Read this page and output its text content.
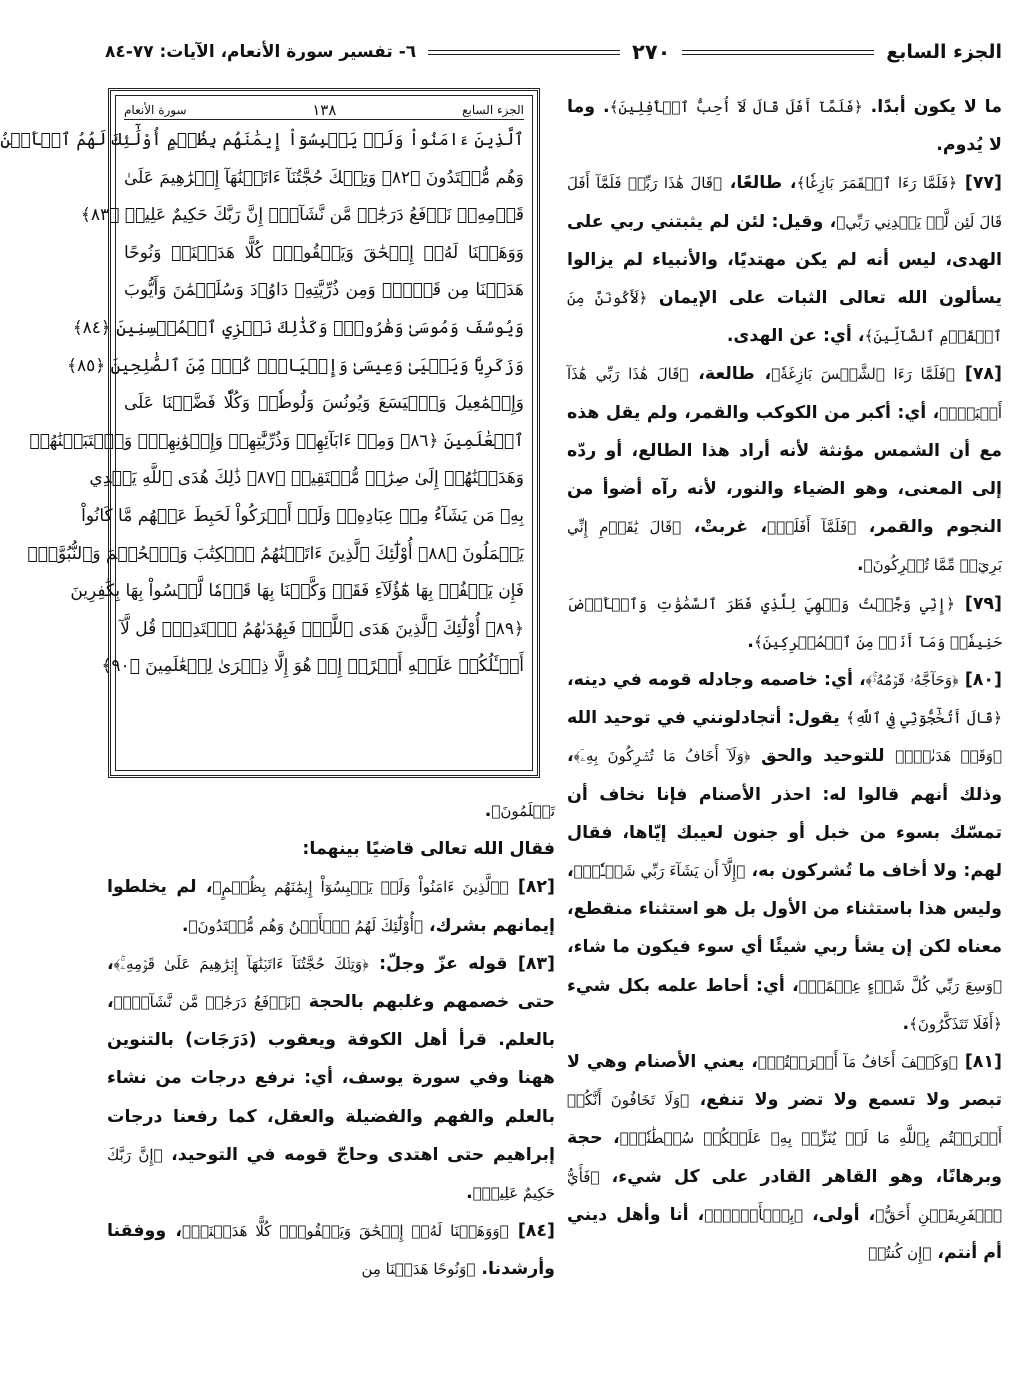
الجزء السابع
٢٧٠
٦- تفسير سورة الأنعام، الآيات: ٧٧-٨٤

ما لا يكون أبدًا. ﴿فَلَمَّآ أَفَلَ قَالَ لَآ أُحِبُّ ٱلۡأٓفِلِينَ﴾. وما لا يُدوم.

[٧٧] ﴿فَلَمَّا رَءَا ٱلۡقَمَرَ بَازِغٗا﴾، طالعًا، ﴿قَالَ هَٰذَا رَبِّيۖ فَلَمَّآ أَفَلَ قَالَ لَئِن لَّمۡ يَهۡدِنِي رَبِّي﴾، وقيل: لئن لم يثبتني ربي على الهدى، ليس أنه لم يكن مهتديًا، والأنبياء لم يزالوا يسألون الله تعالى الثبات على الإيمان ﴿لَأَكُونَنَّ مِنَ ٱلۡقَوۡمِ ٱلضَّآلِّينَ﴾، أي: عن الهدى.

[٧٨] ﴿فَلَمَّا رَءَا ٱلشَّمۡسَ بَازِغَةٗ﴾، طالعة، ﴿قَالَ هَٰذَا رَبِّي هَٰذَآ أَكۡبَرُۖ﴾، أي: أكبر من الكوكب والقمر، ولم يقل هذه مع أن الشمس مؤنثة لأنه أراد هذا الطالع، أو ردّه إلى المعنى، وهو الضياء والنور، لأنه رآه أضوأ من النجوم والقمر، ﴿فَلَمَّآ أَفَلَتۡ﴾، غربتْ، ﴿قَالَ يَٰقَوۡمِ إِنِّي بَرِيٓءٞ مِّمَّا تُشۡرِكُونَ﴾.

[٧٩] ﴿إِنِّي وَجَّهۡتُ وَجۡهِيَ لِلَّذِي فَطَرَ ٱلسَّمَٰوَٰتِ وَٱلۡأَرۡضَ حَنِيفٗاۖ وَمَآ أَنَا۠ مِنَ ٱلۡمُشۡرِكِينَ﴾.

[٨٠] ﴿وَحَآجَّهُۥ قَوۡمُهُۥۚ﴾، أي: خاصمه وجادله قومه في دينه، ﴿قَالَ أَتُحَٰٓجُّوٓنِّي فِي ٱللَّهِ﴾ يقول: أتجادلونني في توحيد الله ﴿وَقَدۡ هَدَىٰنِۚ﴾ للتوحيد والحق ﴿وَلَآ أَخَافُ مَا تُشۡرِكُونَ بِهِۦٓ﴾، وذلك أنهم قالوا له: احذر الأصنام فإنا نخاف أن تمسّك بسوء من خبل أو جنون لعيبك إيّاها، فقال لهم: ولا أخاف ما تُشركون به، ﴿إِلَّآ أَن يَشَآءَ رَبِّي شَيۡـٔٗاۚ﴾، وليس هذا باستثناء من الأول بل هو استثناء منقطع، معناه لكن إن يشأ ربي شيئًا أي سوء فيكون ما شاء، ﴿وَسِعَ رَبِّي كُلَّ شَيۡءٍ عِلۡمًاۚ﴾، أي: أحاط علمه بكل شيء ﴿أَفَلَا تَتَذَكَّرُونَ﴾.

[٨١] ﴿وَكَيۡفَ أَخَافُ مَآ أَشۡرَكۡتُمۡ﴾، يعني الأصنام وهي لا تبصر ولا تسمع ولا تضر ولا تنفع، ﴿وَلَا تَخَافُونَ أَنَّكُمۡ أَشۡرَكۡتُم بِٱللَّهِ مَا لَمۡ يُنَزِّلۡ بِهِۦ عَلَيۡكُمۡ سُلۡطَٰنٗاۚ﴾، حجة وبرهانًا، وهو القاهر القادر على كل شيء، ﴿فَأَيُّ ٱلۡفَرِيقَيۡنِ أَحَقُّ﴾، أولى، ﴿بِٱلۡأَمۡنِۖ﴾، أنا وأهل ديني أم أنتم، ﴿إِن كُنتُمۡ

الجزء السابع
١٣٨
سورة الأنعام
ٱلَّذِينَ ءَامَنُواْ وَلَمۡ يَلۡبِسُوٓاْ إِيمَٰنَهُم بِظُلۡمٍ أُوْلَٰٓئِكَ لَهُمُ ٱلۡأَمۡنُ
وَهُم مُّهۡتَدُونَ ﴿٨٢﴾ وَتِلۡكَ حُجَّتُنَآ ءَاتَيۡنَٰهَآ إِبۡرَٰهِيمَ عَلَىٰ
قَوۡمِهِۦۚ نَرۡفَعُ دَرَجَٰتٖ مَّن نَّشَآءُۗ إِنَّ رَبَّكَ حَكِيمٌ عَلِيمٞ ﴿٨٣﴾
وَوَهَبۡنَا لَهُۥٓ إِسۡحَٰقَ وَيَعۡقُوبَۚ كُلًّا هَدَيۡنَاۚ وَنُوحًا
هَدَيۡنَا مِن قَبۡلُۖ وَمِن ذُرِّيَّتِهِۦ دَاوُۥدَ وَسُلَيۡمَٰنَ وَأَيُّوبَ
وَيُوسُفَ وَمُوسَىٰ وَهَٰرُونَۚ وَكَذَٰلِكَ نَجۡزِي ٱلۡمُحۡسِنِينَ ﴿٨٤﴾
وَزَكَرِيَّا وَيَحۡيَىٰ وَعِيسَىٰ وَإِلۡيَاسَۖ كُلّٞ مِّنَ ٱلصَّٰلِحِينَ ﴿٨٥﴾
وَإِسۡمَٰعِيلَ وَٱلۡيَسَعَ وَيُونُسَ وَلُوطٗاۚ وَكُلّٗا فَضَّلۡنَا عَلَى
ٱلۡعَٰلَمِينَ ﴿٨٦﴾ وَمِنۡ ءَابَآئِهِمۡ وَذُرِّيَّٰتِهِمۡ وَإِخۡوَٰنِهِمۡۖ وَٱجۡتَبَيۡنَٰهُمۡ
وَهَدَيۡنَٰهُمۡ إِلَىٰ صِرَٰطٖ مُّسۡتَقِيمٖ ﴿٨٧﴾ ذَٰلِكَ هُدَى ٱللَّهِ يَهۡدِي
بِهِۦ مَن يَشَآءُ مِنۡ عِبَادِهِۦۚ وَلَوۡ أَشۡرَكُواْ لَحَبِطَ عَنۡهُم مَّا كَانُواْ
يَعۡمَلُونَ ﴿٨٨﴾ أُوْلَٰٓئِكَ ٱلَّذِينَ ءَاتَيۡنَٰهُمُ ٱلۡكِتَٰبَ وَٱلۡحُكۡمَ وَٱلنُّبُوَّةَۚ
فَإِن يَكۡفُرۡ بِهَا هَٰٓؤُلَآءِ فَقَدۡ وَكَّلۡنَا بِهَا قَوۡمٗا لَّيۡسُواْ بِهَا بِكَٰفِرِينَ
﴿٨٩﴾ أُوْلَٰٓئِكَ ٱلَّذِينَ هَدَى ٱللَّهُۖ فَبِهُدَىٰهُمُ ٱقۡتَدِهۡۗ قُل لَّآ
أَسۡـَٔلُكُمۡ عَلَيۡهِ أَجۡرًاۖ إِنۡ هُوَ إِلَّا ذِكۡرَىٰ لِلۡعَٰلَمِينَ ﴿٩٠﴾

تَعۡلَمُونَ﴾.

فقال الله تعالى قاضيًا بينهما:

[٨٢] ﴿ٱلَّذِينَ ءَامَنُواْ وَلَمۡ يَلۡبِسُوٓاْ إِيمَٰنَهُم بِظُلۡمٍ﴾، لم يخلطوا إيمانهم بشرك، ﴿أُوْلَٰٓئِكَ لَهُمُ ٱلۡأَمۡنُ وَهُم مُّهۡتَدُونَ﴾.

[٨٣] قوله عزّ وجلّ: ﴿وَتِلۡكَ حُجَّتُنَآ ءَاتَيۡنَٰهَآ إِبۡرَٰهِيمَ عَلَىٰ قَوۡمِهِۦۚ﴾، حتى خصمهم وغلبهم بالحجة ﴿نَرۡفَعُ دَرَجَٰتٖ مَّن نَّشَآءُۗ﴾، بالعلم. قرأ أهل الكوفة ويعقوب (دَرَجَات) بالتنوين ههنا وفي سورة يوسف، أي: نرفع درجات من نشاء بالعلم والفهم والفضيلة والعقل، كما رفعنا درجات إبراهيم حتى اهتدى وحاجّ قومه في التوحيد، ﴿إِنَّ رَبَّكَ حَكِيمٌ عَلِيمٞ﴾.

[٨٤] ﴿وَوَهَبۡنَا لَهُۥٓ إِسۡحَٰقَ وَيَعۡقُوبَۚ كُلًّا هَدَيۡنَاۚ﴾، ووفقنا وأرشدنا. ﴿وَنُوحًا هَدَيۡنَا مِن
